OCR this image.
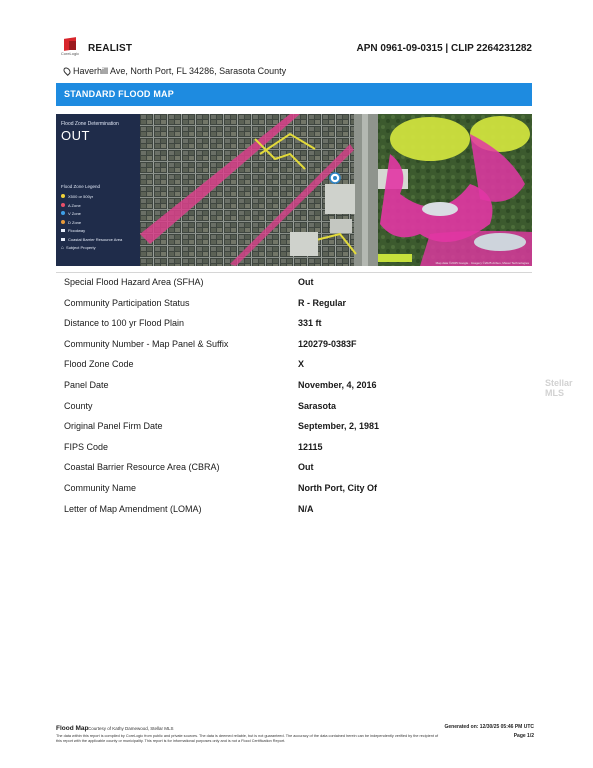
CoreLogic REALIST	APN 0961-09-0315 | CLIP 2264231282
Haverhill Ave, North Port, FL 34286, Sarasota County
STANDARD FLOOD MAP
Flood Zone Determination
OUT
Flood Zone Legend
X500 or 500yr
A Zone
V Zone
D Zone
Floodway
Coastal Barrier Resource Area
⌂ Subject Property
Map data ©2025 Google · Imagery ©2025 Airbus, Maxar Technologies
Special Flood Hazard Area (SFHA)	Out
Community Participation Status	R - Regular
Distance to 100 yr Flood Plain	331 ft
Community Number - Map Panel & Suffix	120279-0383F
Flood Zone Code	X
Panel Date	November, 4, 2016
County	Sarasota
Original Panel Firm Date	September, 2, 1981
FIPS Code	12115
Coastal Barrier Resource Area (CBRA)	Out
Community Name	North Port, City Of
Letter of Map Amendment (LOMA)	N/A
Stellar MLS
Flood Map Courtesy of Kathy Damewood, Stellar MLS
The data within this report is compiled by CoreLogic from public and private sources. The data is deemed reliable, but is not guaranteed. The accuracy of the data contained herein can be independently verified by the recipient of this report with the applicable county or municipality. This report is for informational purposes only and is not a Flood Certification Report.
Generated on: 12/30/25 05:46 PM UTC
Page 1/2
